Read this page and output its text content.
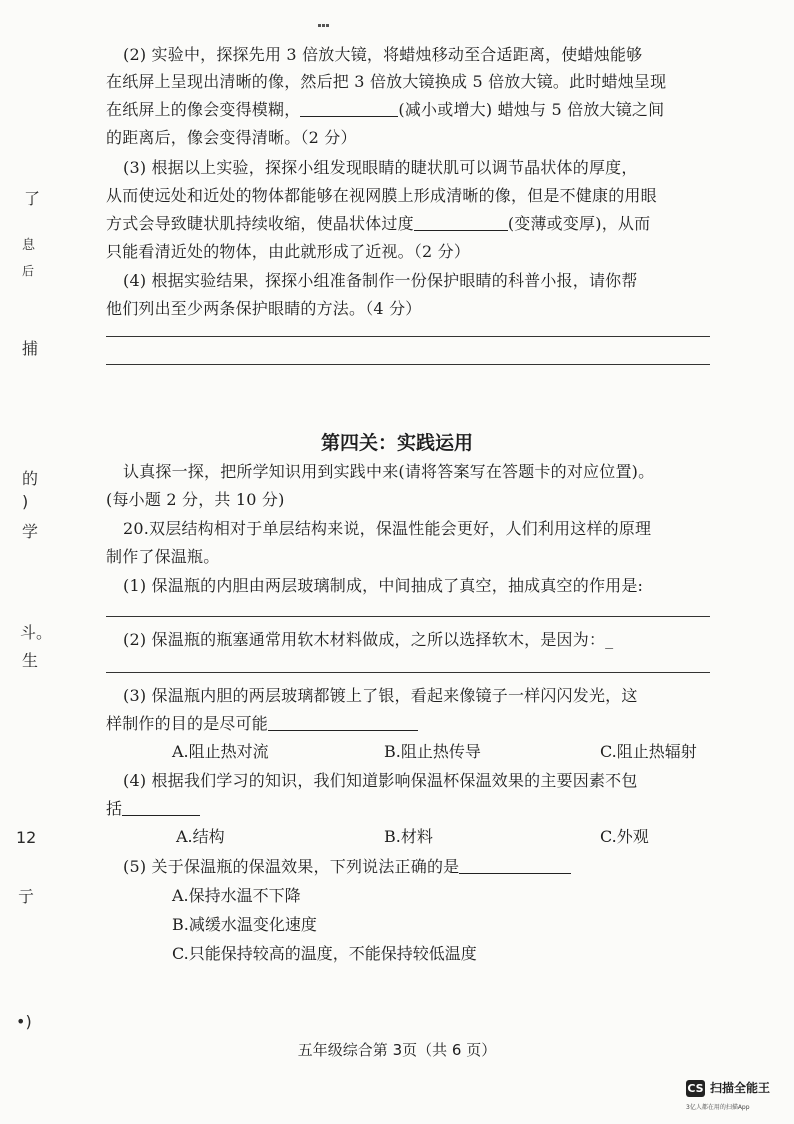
了
息
后
捕
的
)
学
斗。
生
12
亍
•)
(2) 实验中，探探先用 3 倍放大镜，将蜡烛移动至合适距离，使蜡烛能够
在纸屏上呈现出清晰的像，然后把 3 倍放大镜换成 5 倍放大镜。此时蜡烛呈现
在纸屏上的像会变得模糊，	(减小或增大) 蜡烛与 5 倍放大镜之间
的距离后，像会变得清晰。（2 分）
(3) 根据以上实验，探探小组发现眼睛的睫状肌可以调节晶状体的厚度，
从而使远处和近处的物体都能够在视网膜上形成清晰的像，但是不健康的用眼
方式会导致睫状肌持续收缩，使晶状体过度	(变薄或变厚)，从而
只能看清近处的物体，由此就形成了近视。（2 分）
(4) 根据实验结果，探探小组准备制作一份保护眼睛的科普小报，请你帮
他们列出至少两条保护眼睛的方法。（4 分）
第四关：实践运用
认真探一探，把所学知识用到实践中来(请将答案写在答题卡的对应位置)。
(每小题 2 分，共 10 分)
20.双层结构相对于单层结构来说，保温性能会更好，人们利用这样的原理
制作了保温瓶。
(1) 保温瓶的内胆由两层玻璃制成，中间抽成了真空，抽成真空的作用是:
(2) 保温瓶的瓶塞通常用软木材料做成，之所以选择软木，是因为：_
(3) 保温瓶内胆的两层玻璃都镀上了银，看起来像镜子一样闪闪发光，这
样制作的目的是尽可能
A.阻止热对流	B.阻止热传导	C.阻止热辐射
(4) 根据我们学习的知识，我们知道影响保温杯保温效果的主要因素不包
括
A.结构	B.材料	C.外观
(5) 关于保温瓶的保温效果，下列说法正确的是
A.保持水温不下降
B.减缓水温变化速度
C.只能保持较高的温度，不能保持较低温度
五年级综合第 3页（共 6 页）
CS 扫描全能王
3亿人都在用的扫描App
